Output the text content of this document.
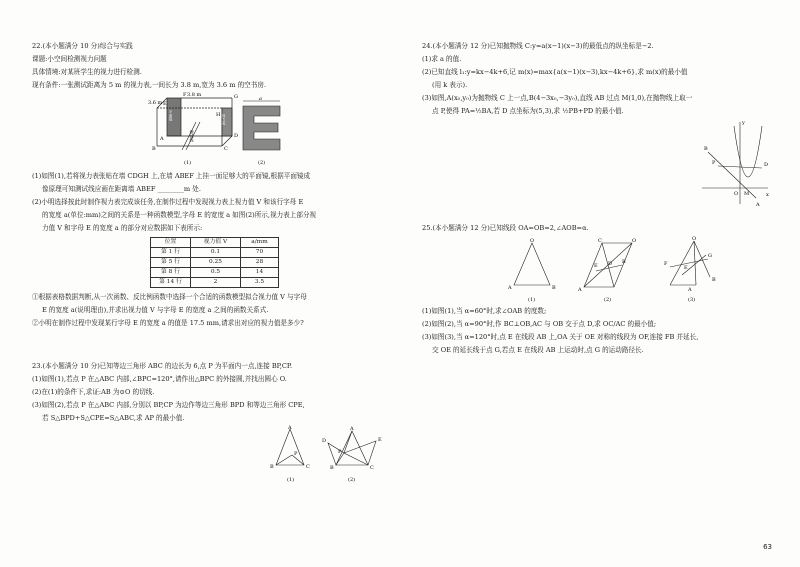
22.(本小题满分 10 分)综合与实践

课题:小空间检测视力问题

具体情境:对某班学生的视力进行检测.

现有条件:一张测试距离为 5 m 的视力表,一间长为 3.8 m,宽为 3.6 m 的空书房.

3.6 m
3.8 m
E
F	G
A
H
D
B	C
测试线
平面镜	视力表
a
(1)	(2)

(1)如图(1),若将视力表张贴在墙 CDGH 上,在墙 ABEF 上挂一面足够大的平面镜,根据平面镜成

像原理可知测试线应画在距离墙 ABEF ________m 处.

(2)小明选择按此时制作视力表完成该任务,在制作过程中发现视力表上视力值 V 和该行字母 E

的宽度 a(单位:mm)之间的关系是一种函数模型,字母 E 的宽度 a 如图(2)所示,视力表上部分视

力值 V 和字母 E 的宽度 a 的部分对应数据如下表所示:

位置	视力值 V	a/mm
第 1 行	0.1	70
第 5 行	0.25	28
第 8 行	0.5	14
第 14 行	2	3.5

①根据表格数据判断,从一次函数、反比例函数中选择一个合适的函数模型拟合视力值 V 与字母

E 的宽度 a(说明理由),并求出视力值 V 与字母 E 的宽度 a 之间的函数关系式.

②小明在制作过程中发现某行字母 E 的宽度 a 的值是 17.5 mm,请求出对应的视力值是多少?

23.(本小题满分 10 分)已知等边三角形 ABC 的边长为 6,点 P 为平面内一点,连接 BP,CP.

(1)如图(1),若点 P 在△ABC 内部,∠BPC=120°,请作出△BPC 的外接圆,并找出圆心 O.

(2)在(1)的条件下,求证:AB 为⊙O 的切线.

(3)如图(2),若点 P 在△ABC 内部,分别以 BP,CP 为边作等边三角形 BPD 和等边三角形 CPE,

若 S△BPD+S△CPE=S△ABC,求 AP 的最小值.

A
P
B	C
D
A
E
P
B	C
(1)	(2)

24.(本小题满分 12 分)已知抛物线 C:y=a(x−1)(x−3)的最低点的纵坐标是−2.

(1)求 a 的值.

(2)已知直线 l₁:y=kx−4k+6,记 m(x)=max{a(x−1)(x−3),kx−4k+6},求 m(x)的最小值

(用 k 表示).

(3)如图,A(x₀,y₀)为抛物线 C 上一点,B(4−3x₀,−3y₀),直线 AB 过点 M(1,0),在抛物线上取一

点 P,使得 PA=½BA,若 D 点坐标为(5,3),求 ½PB+PD 的最小值.

y
B
P	D
O M	x
A

25.(本小题满分 12 分)已知线段 OA=OB=2,∠AOB=α.

O
A	B
C	O
E D B
A
O
G
E
F
B
A
(1)	(2)	(3)

(1)如图(1),当 α=60°时,求∠OAB 的度数;

(2)如图(2),当 α=90°时,作 BC⊥OB,AC 与 OB 交于点 D,求 OC/AC 的最小值;

(3)如图(3),当 α=120°时,点 E 在线段 AB 上,OA 关于 OE 对称的线段为 OF,连接 FB 并延长,

交 OE 的延长线于点 G,若点 E 在线段 AB 上运动时,点 G 的运动路径长.

63
